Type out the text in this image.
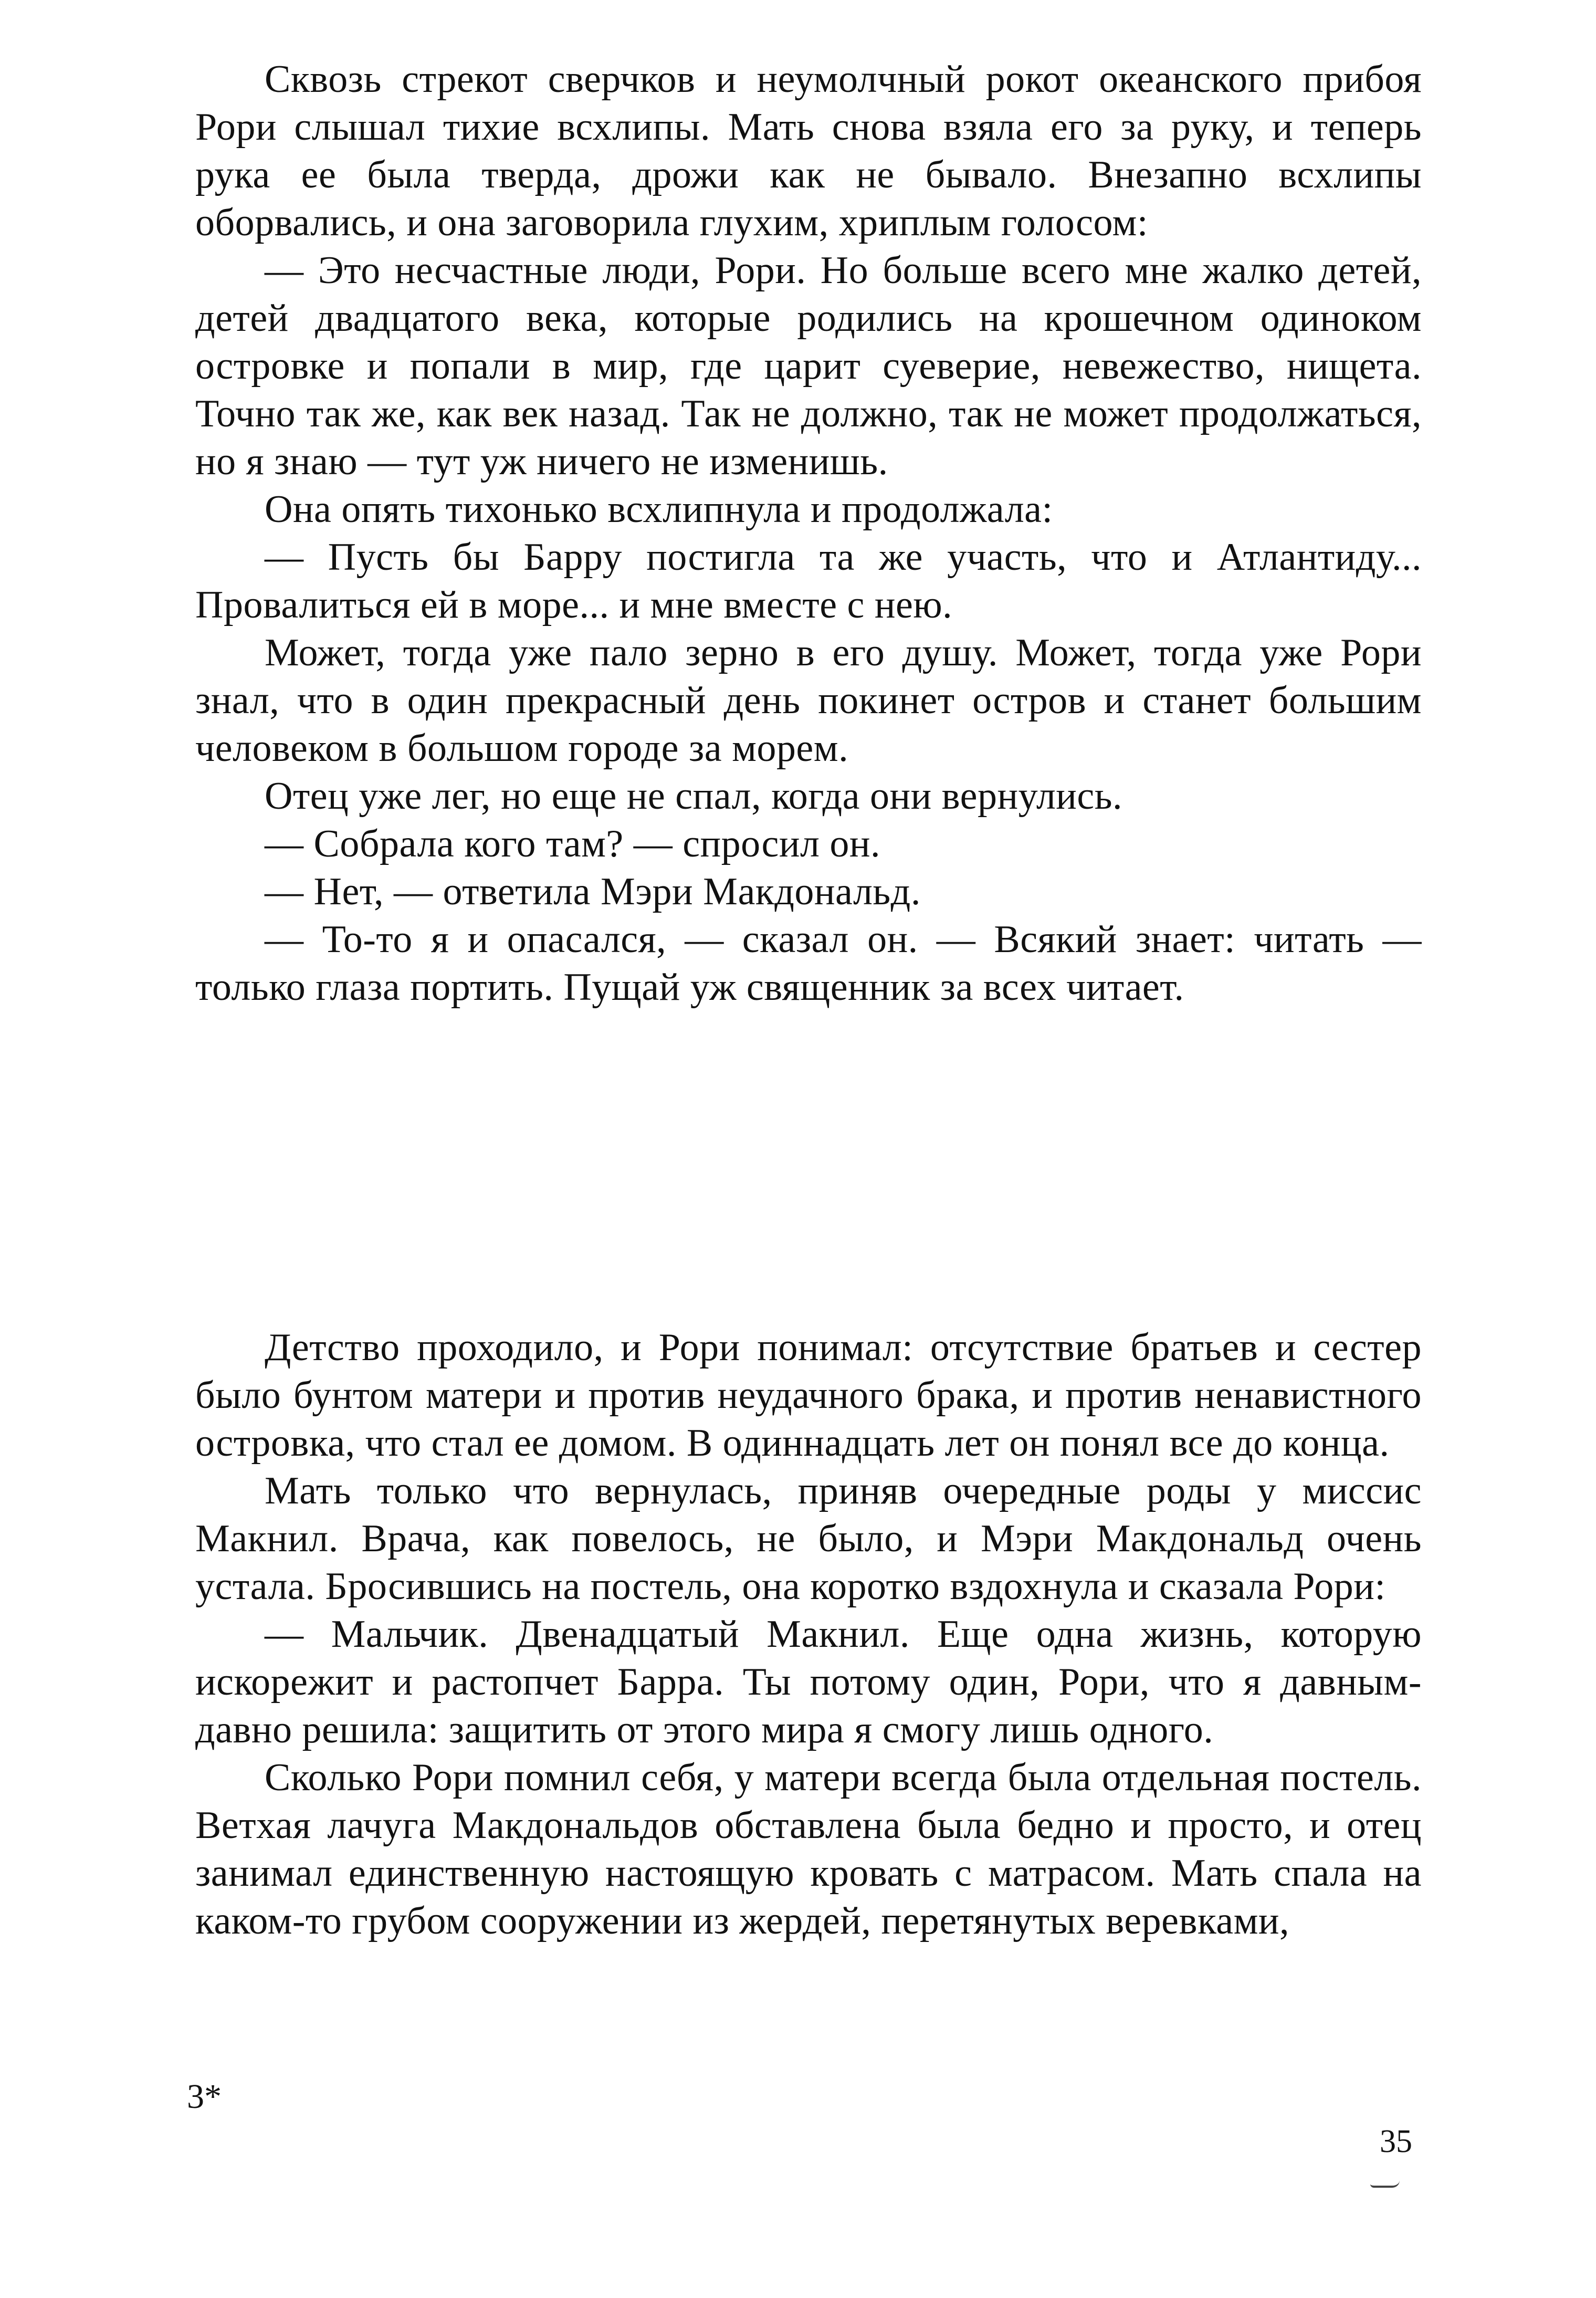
Сквозь стрекот сверчков и неумолчный рокот океанского прибоя Рори слышал тихие всхлипы. Мать снова взяла его за руку, и теперь рука ее была тверда, дрожи как не бывало. Внезапно всхлипы оборвались, и она заговорила глухим, хриплым голосом:

— Это несчастные люди, Рори. Но больше всего мне жалко детей, детей двадцатого века, которые родились на крошечном одиноком островке и попали в мир, где царит суеверие, невежество, нищета. Точно так же, как век назад. Так не должно, так не может продолжаться, но я знаю — тут уж ничего не изменишь.

Она опять тихонько всхлипнула и продолжала:

— Пусть бы Барру постигла та же участь, что и Атлантиду... Провалиться ей в море... и мне вместе с нею.

Может, тогда уже пало зерно в его душу. Может, тогда уже Рори знал, что в один прекрасный день покинет остров и станет большим человеком в большом городе за морем.

Отец уже лег, но еще не спал, когда они вернулись.

— Собрала кого там? — спросил он.

— Нет, — ответила Мэри Макдональд.

— То-то я и опасался, — сказал он. — Всякий знает: читать — только глаза портить. Пущай уж священник за всех читает.

Детство проходило, и Рори понимал: отсутствие братьев и сестер было бунтом матери и против неудачного брака, и против ненавистного островка, что стал ее домом. В одиннадцать лет он понял все до конца.

Мать только что вернулась, приняв очередные роды у миссис Макнил. Врача, как повелось, не было, и Мэри Макдональд очень устала. Бросившись на постель, она коротко вздохнула и сказала Рори:

— Мальчик. Двенадцатый Макнил. Еще одна жизнь, которую искорежит и растопчет Барра. Ты потому один, Рори, что я давным-давно решила: защитить от этого мира я смогу лишь одного.

Сколько Рори помнил себя, у матери всегда была отдельная постель. Ветхая лачуга Макдональдов обставлена была бедно и просто, и отец занимал единственную настоящую кровать с матрасом. Мать спала на каком-то грубом сооружении из жердей, перетянутых веревками,

3*
35
